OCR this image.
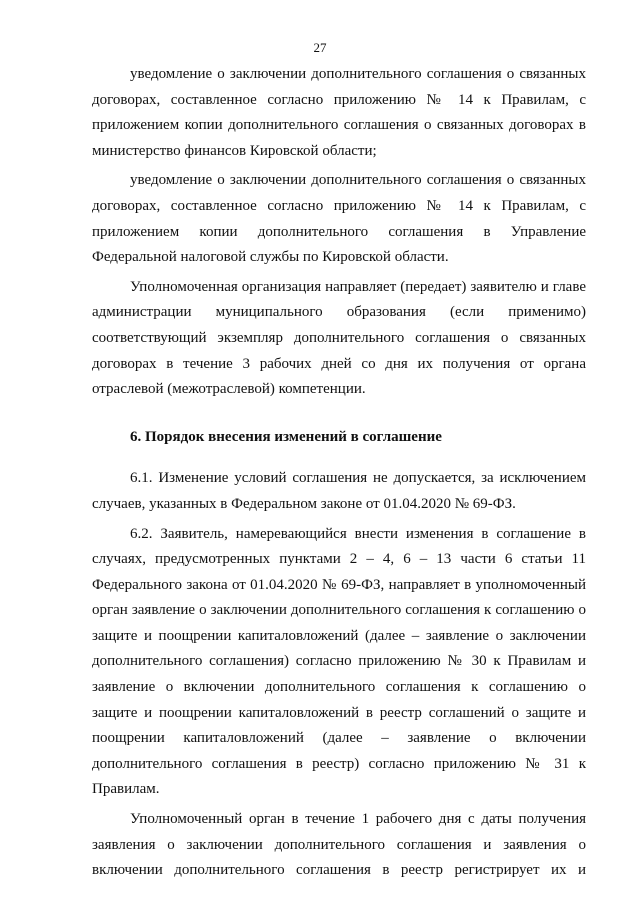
27

уведомление о заключении дополнительного соглашения о связанных договорах, составленное согласно приложению № 14 к Правилам, с приложением копии дополнительного соглашения о связанных договорах в министерство финансов Кировской области;

уведомление о заключении дополнительного соглашения о связанных договорах, составленное согласно приложению № 14 к Правилам, с приложением копии дополнительного соглашения в Управление Федеральной налоговой службы по Кировской области.

Уполномоченная организация направляет (передает) заявителю и главе администрации муниципального образования (если применимо) соответствующий экземпляр дополнительного соглашения о связанных договорах в течение 3 рабочих дней со дня их получения от органа отраслевой (межотраслевой) компетенции.

6. Порядок внесения изменений в соглашение

6.1. Изменение условий соглашения не допускается, за исключением случаев, указанных в Федеральном законе от 01.04.2020 № 69-ФЗ.

6.2. Заявитель, намеревающийся внести изменения в соглашение в случаях, предусмотренных пунктами 2 – 4, 6 – 13 части 6 статьи 11 Федерального закона от 01.04.2020 № 69-ФЗ, направляет в уполномоченный орган заявление о заключении дополнительного соглашения к соглашению о защите и поощрении капиталовложений (далее – заявление о заключении дополнительного соглашения) согласно приложению № 30 к Правилам и заявление о включении дополнительного соглашения к соглашению о защите и поощрении капиталовложений в реестр соглашений о защите и поощрении капиталовложений (далее – заявление о включении дополнительного соглашения в реестр) согласно приложению № 31 к Правилам.

Уполномоченный орган в течение 1 рабочего дня с даты получения заявления о заключении дополнительного соглашения и заявления о включении дополнительного соглашения в реестр регистрирует их и
